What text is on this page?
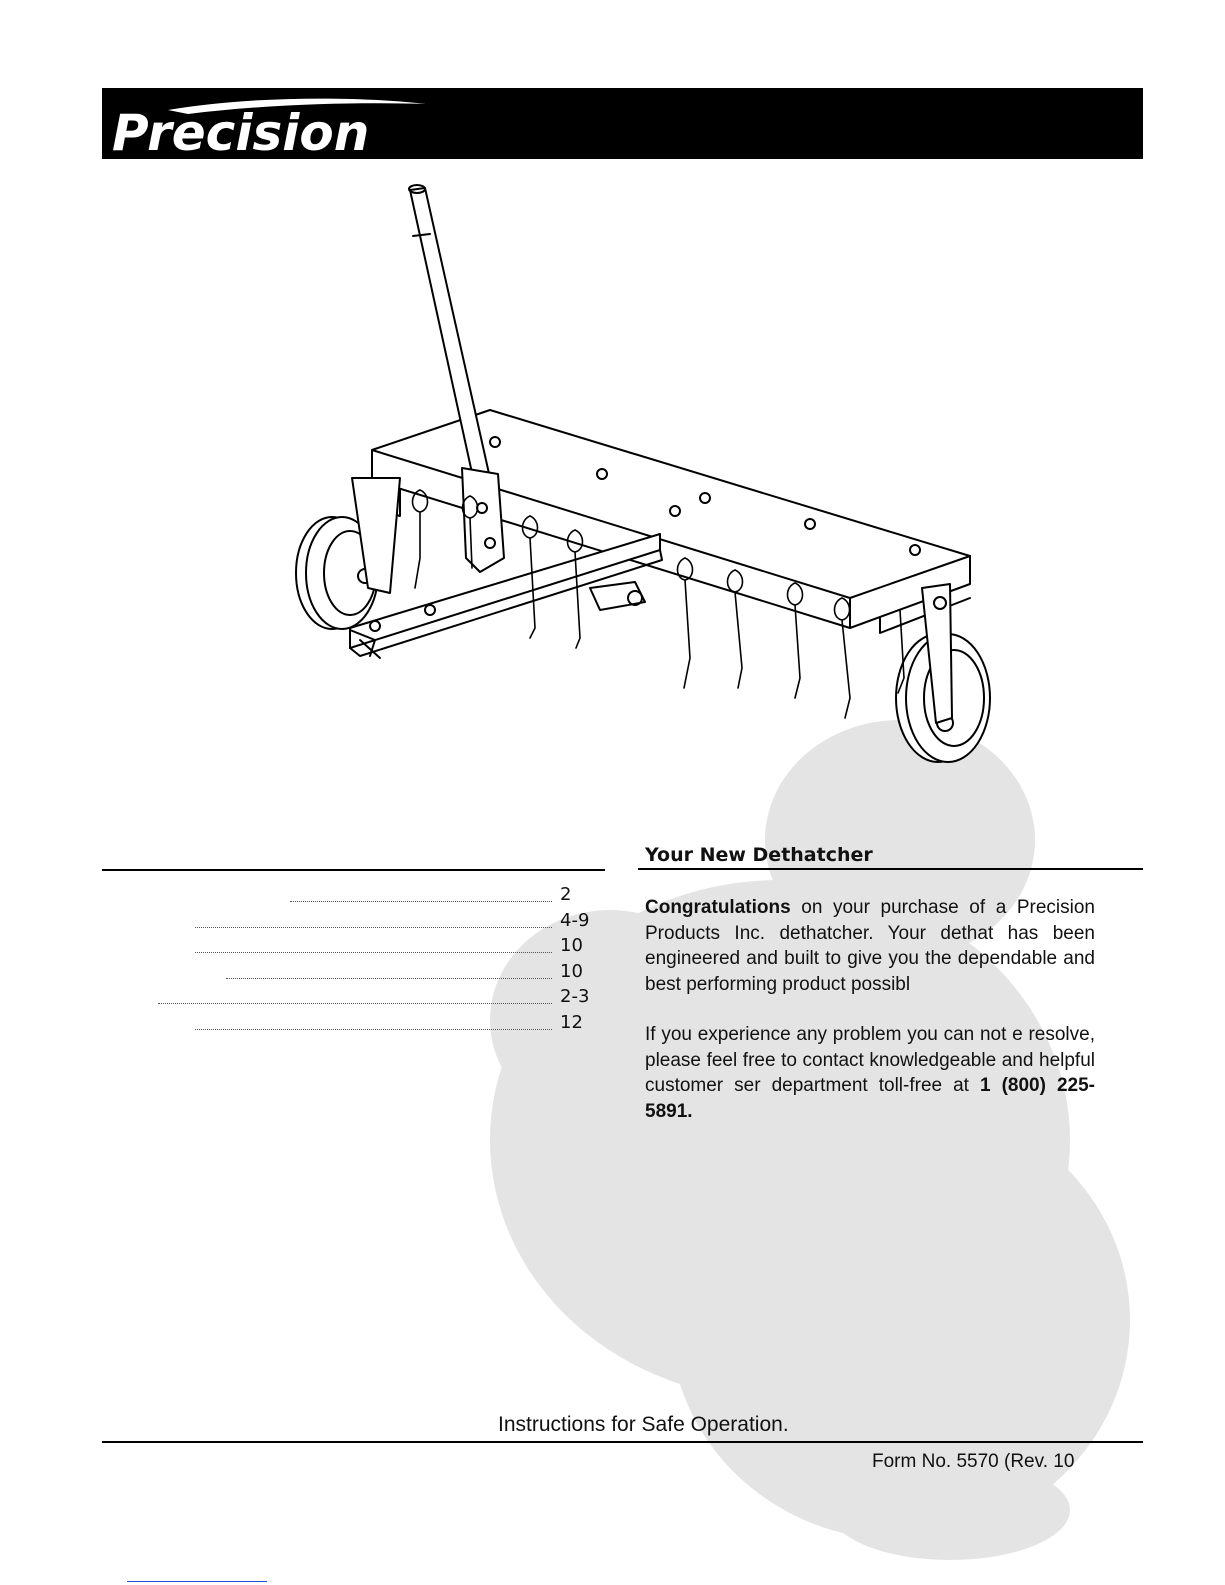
Precision
2
4-9
10
10
2-3
12
Your New Dethatcher
Congratulations on your purchase of a Precision Products Inc. dethatcher. Your dethat has been engineered and built to give you the dependable and best performing product possibl
If you experience any problem you can not e resolve, please feel free to contact knowledgeable and helpful customer ser department toll-free at 1 (800) 225-5891.
Instructions for Safe Operation.
Form No. 5570 (Rev. 10
